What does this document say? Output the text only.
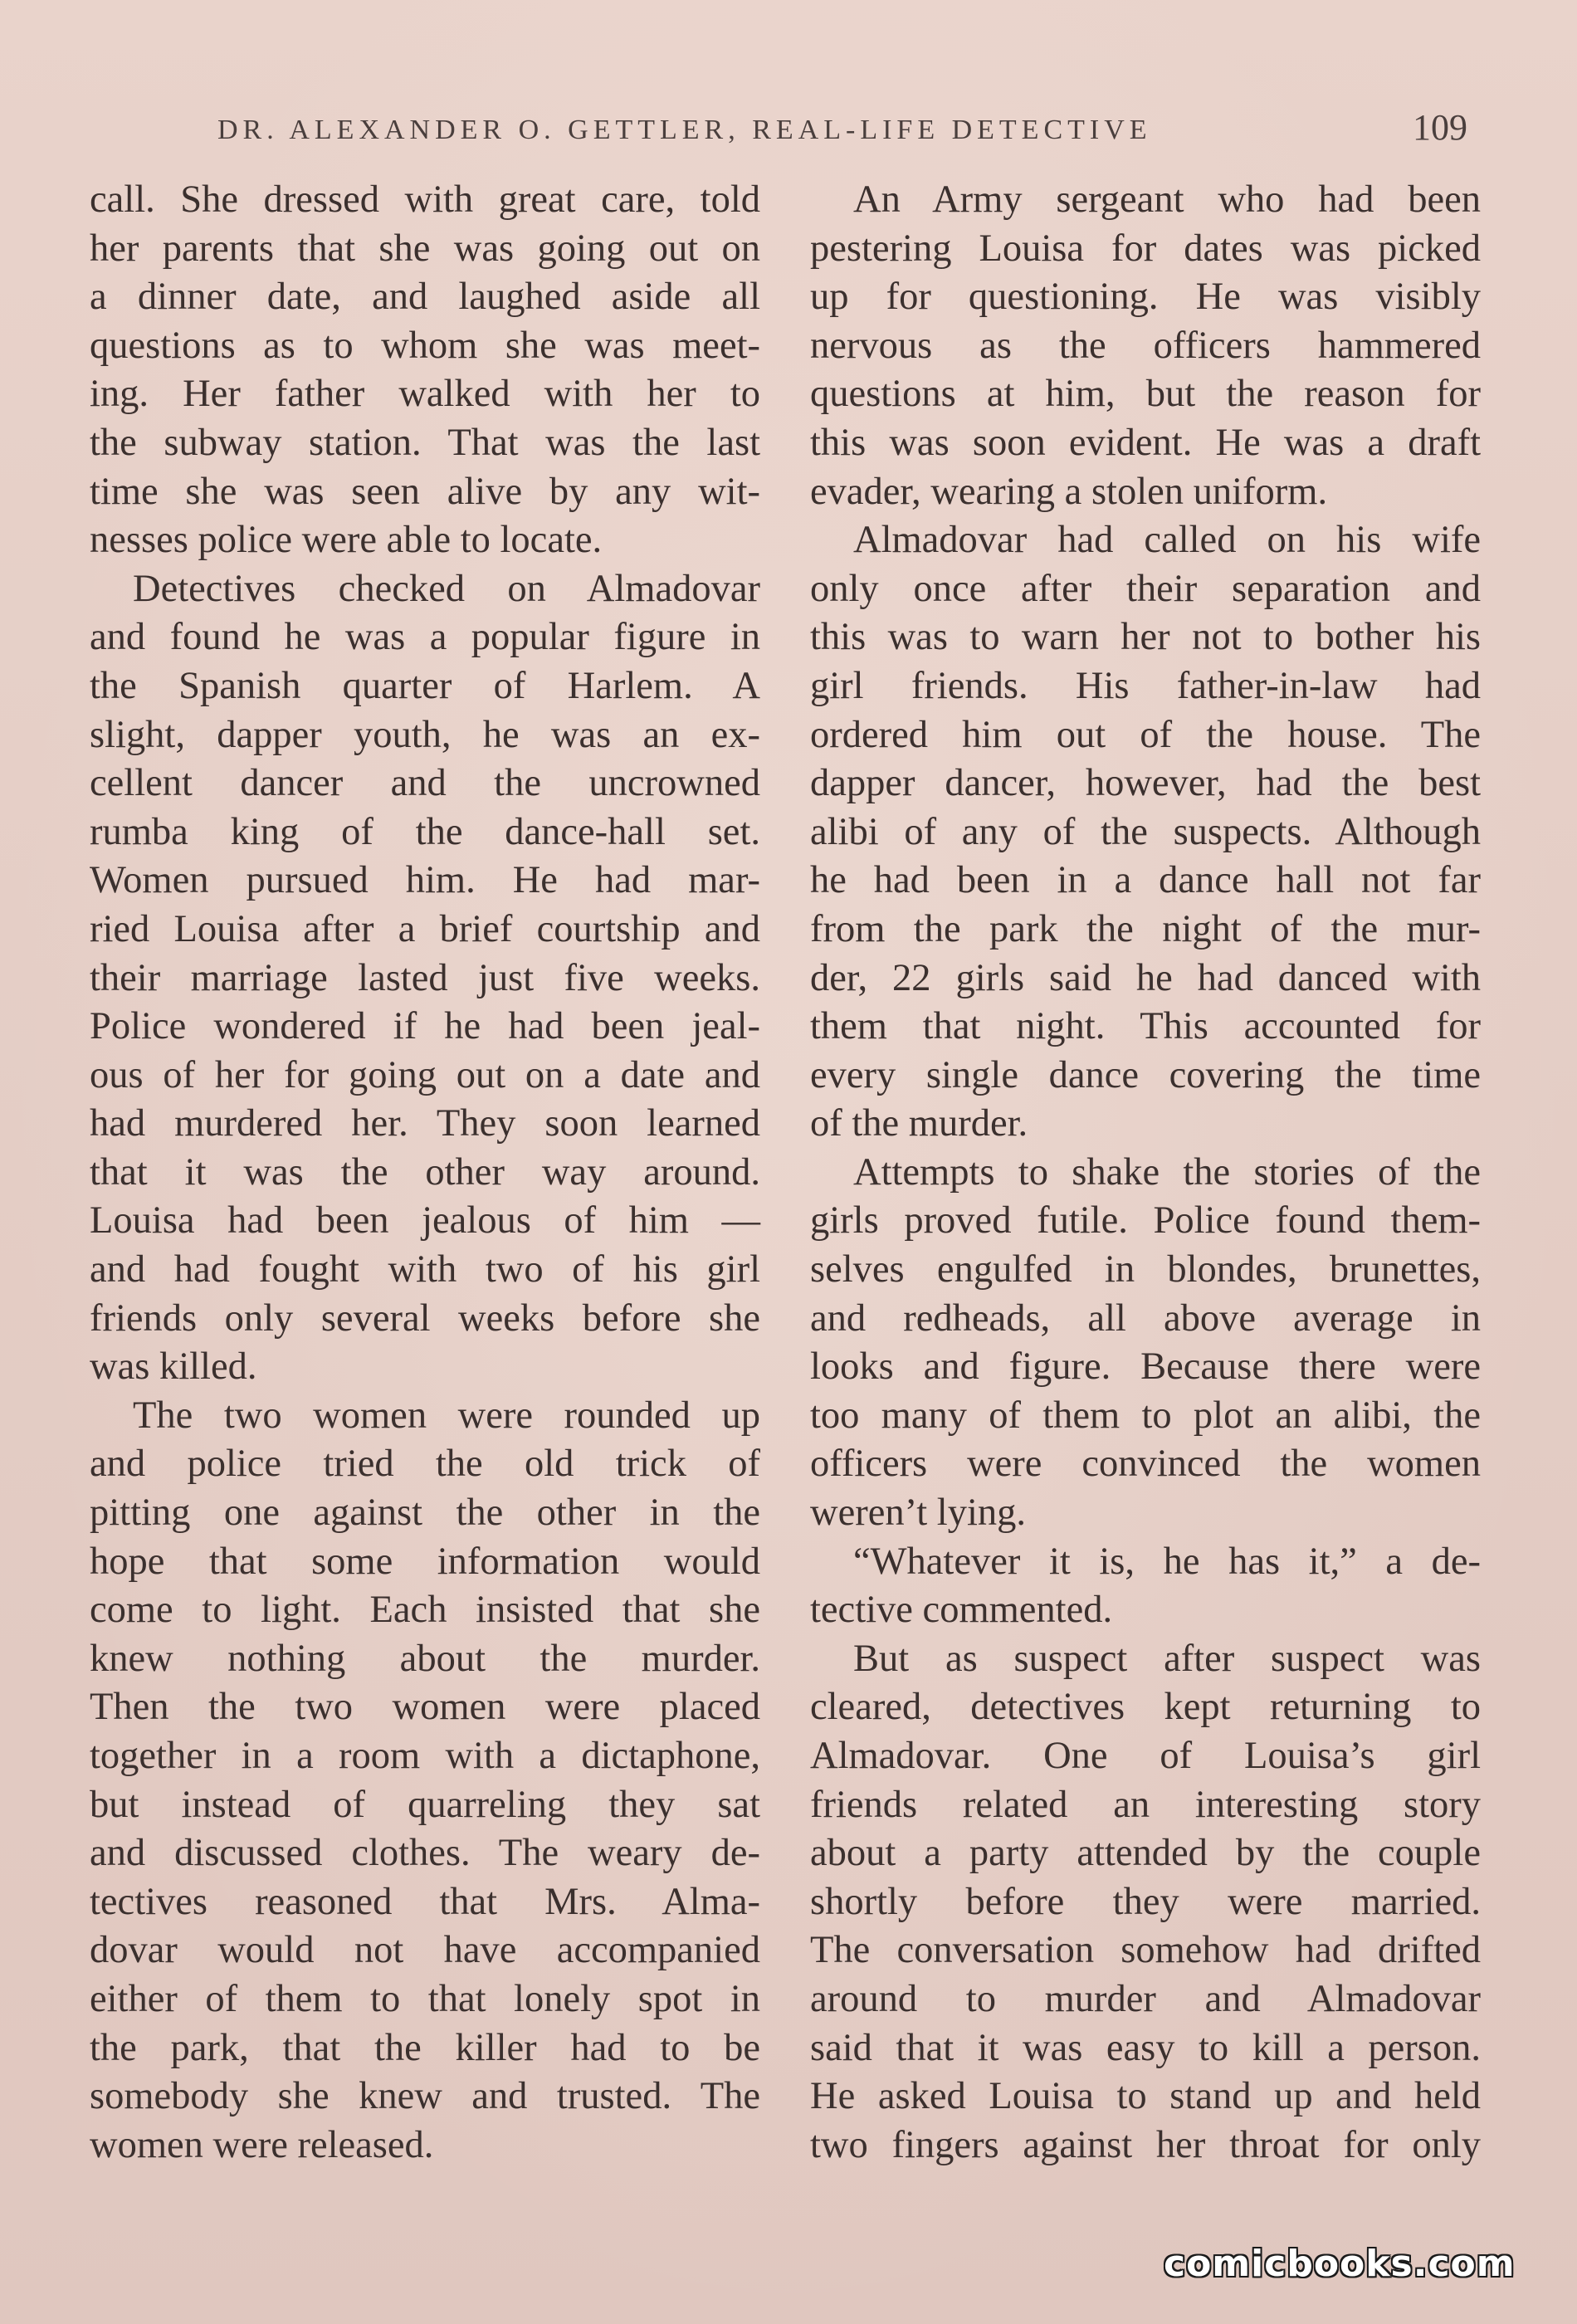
DR. ALEXANDER O. GETTLER, REAL-LIFE DETECTIVE	109
call. She dressed with great care, told
her parents that she was going out on
a dinner date, and laughed aside all
questions as to whom she was meet-
ing. Her father walked with her to
the subway station. That was the last
time she was seen alive by any wit-
nesses police were able to locate.
Detectives checked on Almadovar
and found he was a popular figure in
the Spanish quarter of Harlem. A
slight, dapper youth, he was an ex-
cellent dancer and the uncrowned
rumba king of the dance-hall set.
Women pursued him. He had mar-
ried Louisa after a brief courtship and
their marriage lasted just five weeks.
Police wondered if he had been jeal-
ous of her for going out on a date and
had murdered her. They soon learned
that it was the other way around.
Louisa had been jealous of him —
and had fought with two of his girl
friends only several weeks before she
was killed.
The two women were rounded up
and police tried the old trick of
pitting one against the other in the
hope that some information would
come to light. Each insisted that she
knew nothing about the murder.
Then the two women were placed
together in a room with a dictaphone,
but instead of quarreling they sat
and discussed clothes. The weary de-
tectives reasoned that Mrs. Alma-
dovar would not have accompanied
either of them to that lonely spot in
the park, that the killer had to be
somebody she knew and trusted. The
women were released.
An Army sergeant who had been
pestering Louisa for dates was picked
up for questioning. He was visibly
nervous as the officers hammered
questions at him, but the reason for
this was soon evident. He was a draft
evader, wearing a stolen uniform.
Almadovar had called on his wife
only once after their separation and
this was to warn her not to bother his
girl friends. His father-in-law had
ordered him out of the house. The
dapper dancer, however, had the best
alibi of any of the suspects. Although
he had been in a dance hall not far
from the park the night of the mur-
der, 22 girls said he had danced with
them that night. This accounted for
every single dance covering the time
of the murder.
Attempts to shake the stories of the
girls proved futile. Police found them-
selves engulfed in blondes, brunettes,
and redheads, all above average in
looks and figure. Because there were
too many of them to plot an alibi, the
officers were convinced the women
weren’t lying.
“Whatever it is, he has it,” a de-
tective commented.
But as suspect after suspect was
cleared, detectives kept returning to
Almadovar. One of Louisa’s girl
friends related an interesting story
about a party attended by the couple
shortly before they were married.
The conversation somehow had drifted
around to murder and Almadovar
said that it was easy to kill a person.
He asked Louisa to stand up and held
two fingers against her throat for only
comicbooks.com
